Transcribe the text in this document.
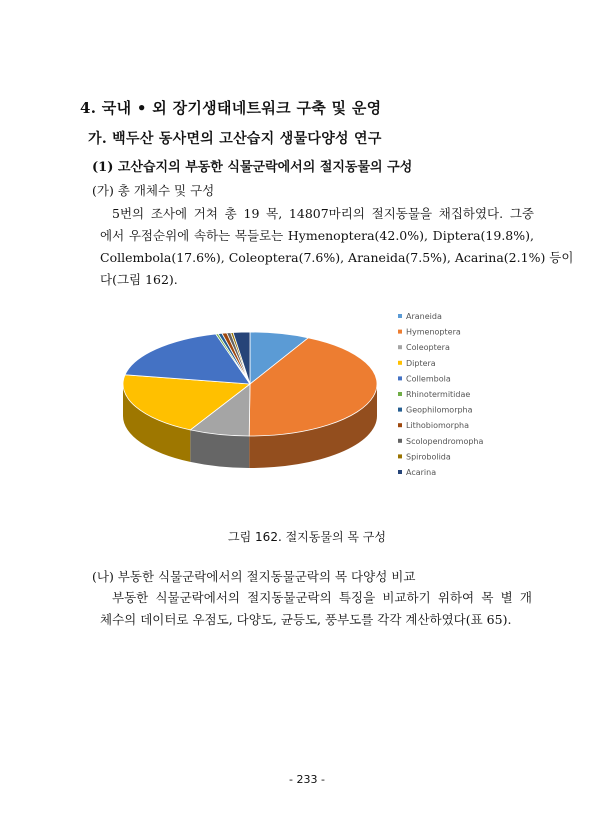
4. 국내 • 외 장기생태네트워크 구축 및 운영
가. 백두산 동사면의 고산습지 생물다양성 연구
(1) 고산습지의 부동한 식물군락에서의 절지동물의 구성
(가) 총 개체수 및 구성
5번의 조사에 거쳐 총 19 목, 14807마리의 절지동물을 채집하였다. 그중
에서 우점순위에 속하는 목들로는 Hymenoptera(42.0%), Diptera(19.8%),
Collembola(17.6%), Coleoptera(7.6%), Araneida(7.5%), Acarina(2.1%) 등이
다(그림 162).
Araneida
Hymenoptera
Coleoptera
Diptera
Collembola
Rhinotermitidae
Geophilomorpha
Lithobiomorpha
Scolopendromopha
Spirobolida
Acarina
그림 162. 절지동물의 목 구성
(나) 부동한 식물군락에서의 절지동물군락의 목 다양성 비교
부동한 식물군락에서의 절지동물군락의 특징을 비교하기 위하여 목 별 개
체수의 데이터로 우점도, 다양도, 균등도, 풍부도를 각각 계산하였다(표 65).
- 233 -
